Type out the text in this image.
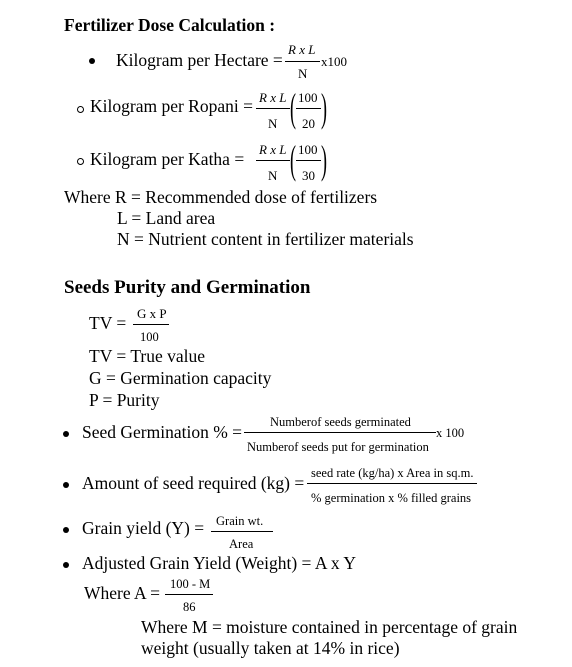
Fertilizer Dose Calculation :
Kilogram per Hectare =
R x L
N
x100
Kilogram per Ropani = R x L
N ( 100
20 )
Kilogram per Katha = R x L
N ( 100
30 )
Where R = Recommended dose of fertilizers
L = Land area
N = Nutrient content in fertilizer materials
Seeds Purity and Germination
TV = G x P
100
TV = True value
G = Germination capacity
P = Purity
Seed Germination % = Numberof seeds germinated
Numberof seeds put for germination
x 100
Amount of seed required (kg) = seed rate (kg/ha) x Area in sq.m.
% germination x % filled grains
Grain yield (Y) = Grain wt.
Area
Adjusted Grain Yield (Weight) = A x Y
Where A = 100 - M
86
Where M = moisture contained in percentage of grain
weight (usually taken at 14% in rice)
